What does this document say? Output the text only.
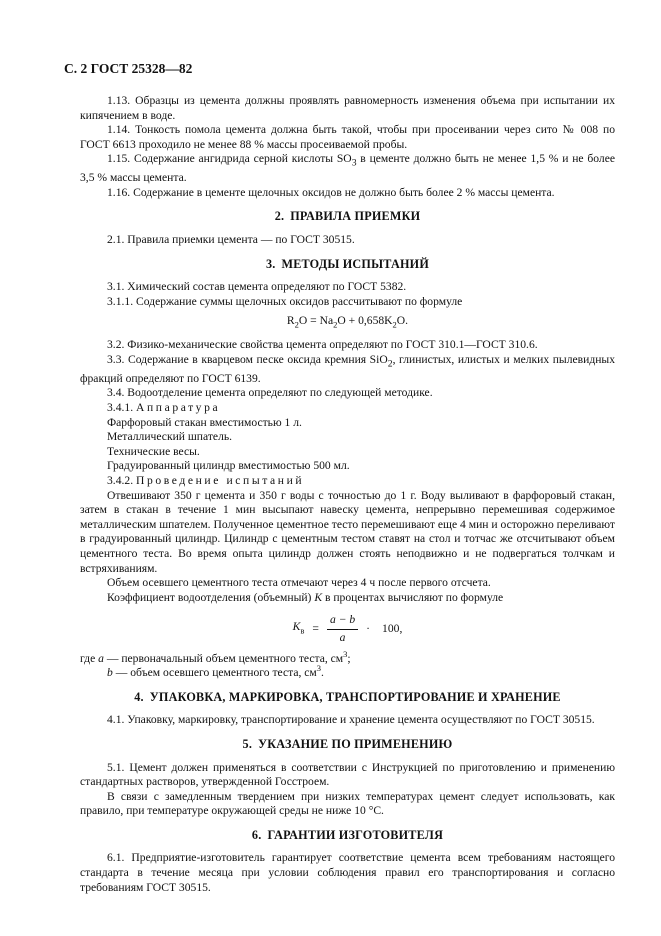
С. 2 ГОСТ 25328—82

1.13. Образцы из цемента должны проявлять равномерность изменения объема при испытании их кипячением в воде.

1.14. Тонкость помола цемента должна быть такой, чтобы при просеивании через сито № 008 по ГОСТ 6613 проходило не менее 88 % массы просеиваемой пробы.

1.15. Содержание ангидрида серной кислоты $SO_3$ в цементе должно быть не менее 1,5 % и не более 3,5 % массы цемента.

1.16. Содержание в цементе щелочных оксидов не должно быть более 2 % массы цемента.

2. ПРАВИЛА ПРИЕМКИ

2.1. Правила приемки цемента — по ГОСТ 30515.

3. МЕТОДЫ ИСПЫТАНИЙ

3.1. Химический состав цемента определяют по ГОСТ 5382.

3.1.1. Содержание суммы щелочных оксидов рассчитывают по формуле

$R_2O = Na_2O + 0,658K_2O$.

3.2. Физико-механические свойства цемента определяют по ГОСТ 310.1—ГОСТ 310.6.

3.3. Содержание в кварцевом песке оксида кремния SiO$_2$, глинистых, илистых и мелких пылевидных фракций определяют по ГОСТ 6139.

3.4. Водоотделение цемента определяют по следующей методике.

3.4.1. Аппаратура

Фарфоровый стакан вместимостью 1 л.

Металлический шпатель.

Технические весы.

Градуированный цилиндр вместимостью 500 мл.

3.4.2. Проведение испытаний

Отвешивают 350 г цемента и 350 г воды с точностью до 1 г. Воду выливают в фарфоровый стакан, затем в стакан в течение 1 мин высыпают навеску цемента, непрерывно перемешивая содержимое металлическим шпателем. Полученное цементное тесто перемешивают еще 4 мин и осторожно переливают в градуированный цилиндр. Цилиндр с цементным тестом ставят на стол и тотчас же отсчитывают объем цементного теста. Во время опыта цилиндр должен стоять неподвижно и не подвергаться толчкам и встряхиваниям.

Объем осевшего цементного теста отмечают через 4 ч после первого отсчета.

Коэффициент водоотделения (объемный) K в процентах вычисляют по формуле

$K_в = \frac{a - b}{a} \cdot 100$,

где a — первоначальный объем цементного теста, $см^3$;

b — объем осевшего цементного теста, $см^3$.

4. УПАКОВКА, МАРКИРОВКА, ТРАНСПОРТИРОВАНИЕ И ХРАНЕНИЕ

4.1. Упаковку, маркировку, транспортирование и хранение цемента осуществляют по ГОСТ 30515.

5. УКАЗАНИЕ ПО ПРИМЕНЕНИЮ

5.1. Цемент должен применяться в соответствии с Инструкцией по приготовлению и применению стандартных растворов, утвержденной Госстроем.

В связи с замедленным твердением при низких температурах цемент следует использовать, как правило, при температуре окружающей среды не ниже 10 °С.

6. ГАРАНТИИ ИЗГОТОВИТЕЛЯ

6.1. Предприятие-изготовитель гарантирует соответствие цемента всем требованиям настоящего стандарта в течение месяца при условии соблюдения правил его транспортирования и согласно требованиям ГОСТ 30515.
